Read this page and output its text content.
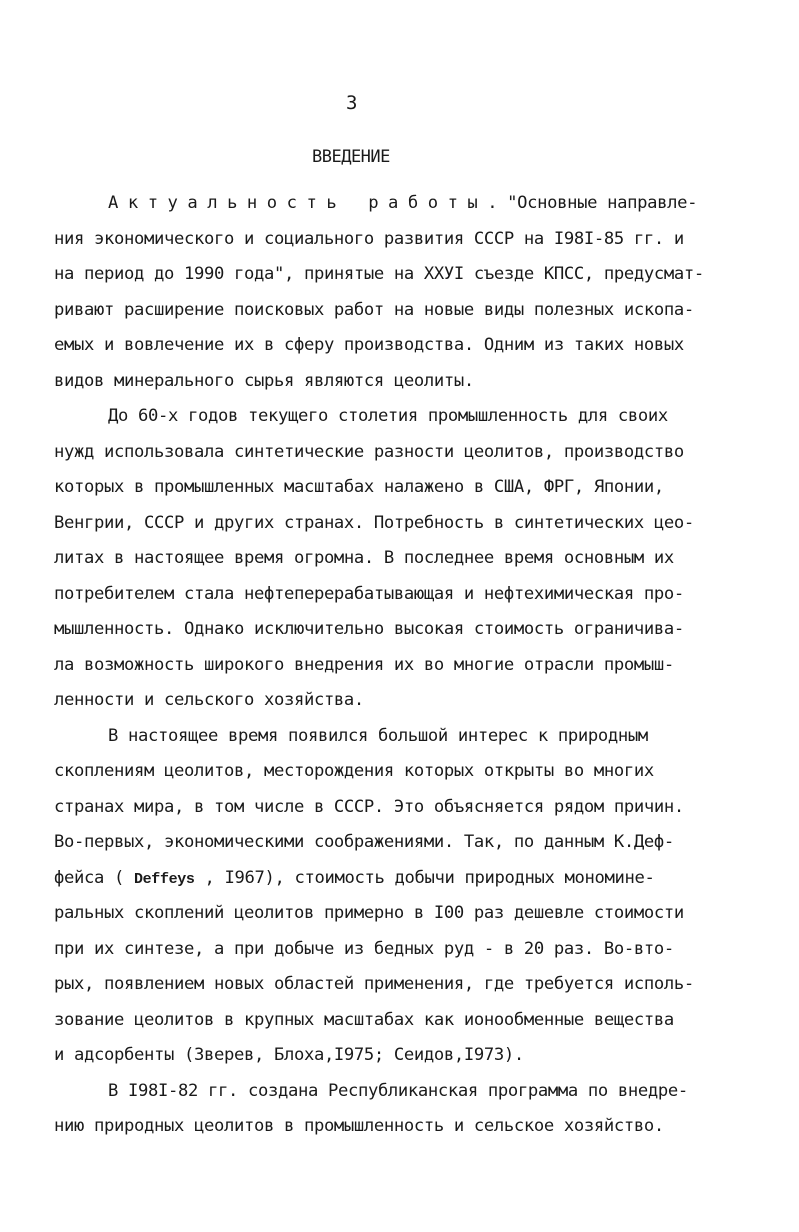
3
ВВЕДЕНИЕ
Актуальность работы."Основные направле-
ния экономического и социального развития СССР на I98I-85 гг. и
на период до 1990 года", принятые на XXУI съезде КПСС, предусмат-
ривают расширение поисковых работ на новые виды полезных ископа-
емых и вовлечение их в сферу производства. Одним из таких новых
видов минерального сырья являются цеолиты.
До 60-х годов текущего столетия промышленность для своих
нужд использовала синтетические разности цеолитов, производство
которых в промышленных масштабах налажено в США, ФРГ, Японии,
Венгрии, СССР и других странах. Потребность в синтетических цео-
литах в настоящее время огромна. В последнее время основным их
потребителем стала нефтеперерабатывающая и нефтехимическая про-
мышленность. Однако исключительно высокая стоимость ограничива-
ла возможность широкого внедрения их во многие отрасли промыш-
ленности и сельского хозяйства.
В настоящее время появился большой интерес к природным
скоплениям цеолитов, месторождения которых открыты во многих
странах мира, в том числе в СССР. Это объясняется рядом причин.
Во-первых, экономическими соображениями. Так, по данным К.Деф-
фейса ( Deffeys , I967), стоимость добычи природных мономине-
ральных скоплений цеолитов примерно в I00 раз дешевле стоимости
при их синтезе, а при добыче из бедных руд - в 20 раз. Во-вто-
рых, появлением новых областей применения, где требуется исполь-
зование цеолитов в крупных масштабах как ионообменные вещества
и адсорбенты (Зверев, Блоха,I975; Сеидов,I973).
В I98I-82 гг. создана Республиканская программа по внедре-
нию природных цеолитов в промышленность и сельское хозяйство.
